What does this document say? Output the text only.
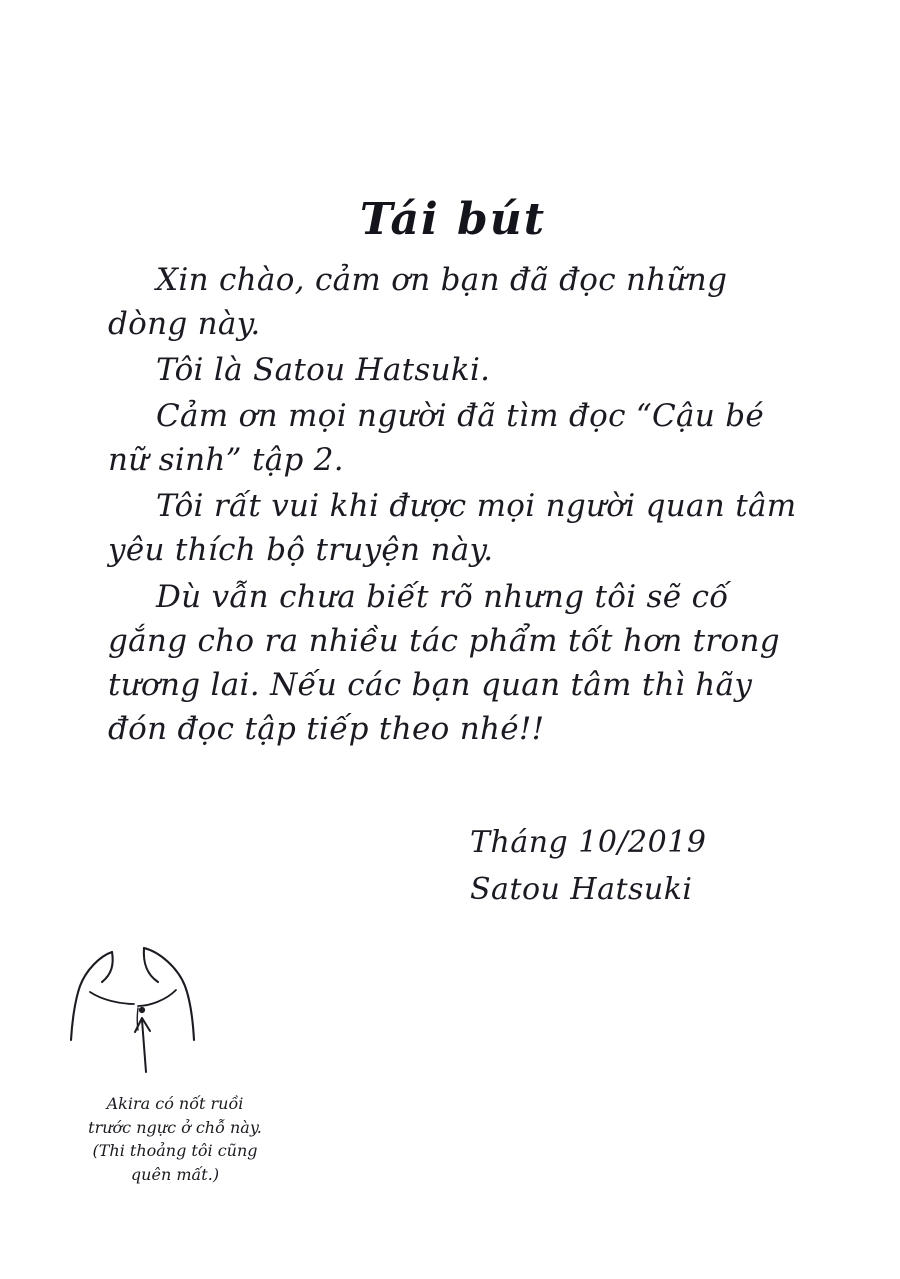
Tái bút

Xin chào, cảm ơn bạn đã đọc những dòng này.

Tôi là Satou Hatsuki.

Cảm ơn mọi người đã tìm đọc “Cậu bé nữ sinh” tập 2.

Tôi rất vui khi được mọi người quan tâm yêu thích bộ truyện này.

Dù vẫn chưa biết rõ nhưng tôi sẽ cố gắng cho ra nhiều tác phẩm tốt hơn trong tương lai. Nếu các bạn quan tâm thì hãy đón đọc tập tiếp theo nhé!!

Tháng 10/2019
Satou Hatsuki
Akira có nốt ruồi
trước ngực ở chỗ này.
(Thi thoảng tôi cũng
quên mất.)
